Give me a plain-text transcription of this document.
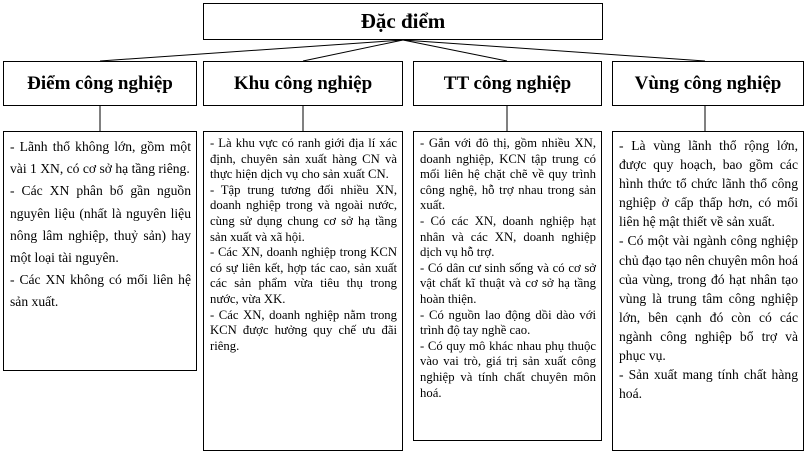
Đặc điểm
Điểm công nghiệp	Khu công nghiệp	TT công nghiệp	Vùng công nghiệp

- Lãnh thổ không lớn, gồm một vài 1 XN, có cơ sở hạ tầng riêng.

- Các XN phân bố gần nguồn nguyên liệu (nhất là nguyên liệu nông lâm nghiệp, thuỷ sản) hay một loại tài nguyên.

- Các XN không có mối liên hệ sản xuất.

- Là khu vực có ranh giới địa lí xác định, chuyên sản xuất hàng CN và thực hiện dịch vụ cho sản xuất CN.

- Tập trung tương đối nhiều XN, doanh nghiệp trong và ngoài nước, cùng sử dụng chung cơ sở hạ tầng sản xuất và xã hội.

- Các XN, doanh nghiệp trong KCN có sự liên kết, hợp tác cao, sản xuất các sản phẩm vừa tiêu thụ trong nước, vừa XK.

- Các XN, doanh nghiệp nằm trong KCN được hưởng quy chế ưu đãi riêng.

- Gắn với đô thị, gồm nhiều XN, doanh nghiệp, KCN tập trung có mối liên hệ chặt chẽ về quy trình công nghệ, hỗ trợ nhau trong sản xuất.

- Có các XN, doanh nghiệp hạt nhân và các XN, doanh nghiệp dịch vụ hỗ trợ.

- Có dân cư sinh sống và có cơ sở vật chất kĩ thuật và cơ sở hạ tầng hoàn thiện.

- Có nguồn lao động dồi dào với trình độ tay nghề cao.

- Có quy mô khác nhau phụ thuộc vào vai trò, giá trị sản xuất công nghiệp và tính chất chuyên môn hoá.

- Là vùng lãnh thổ rộng lớn, được quy hoạch, bao gồm các hình thức tổ chức lãnh thổ công nghiệp ở cấp thấp hơn, có mối liên hệ mật thiết về sản xuất.

- Có một vài ngành công nghiệp chủ đạo tạo nên chuyên môn hoá của vùng, trong đó hạt nhân tạo vùng là trung tâm công nghiệp lớn, bên cạnh đó còn có các ngành công nghiệp bổ trợ và phục vụ.

- Sản xuất mang tính chất hàng hoá.
